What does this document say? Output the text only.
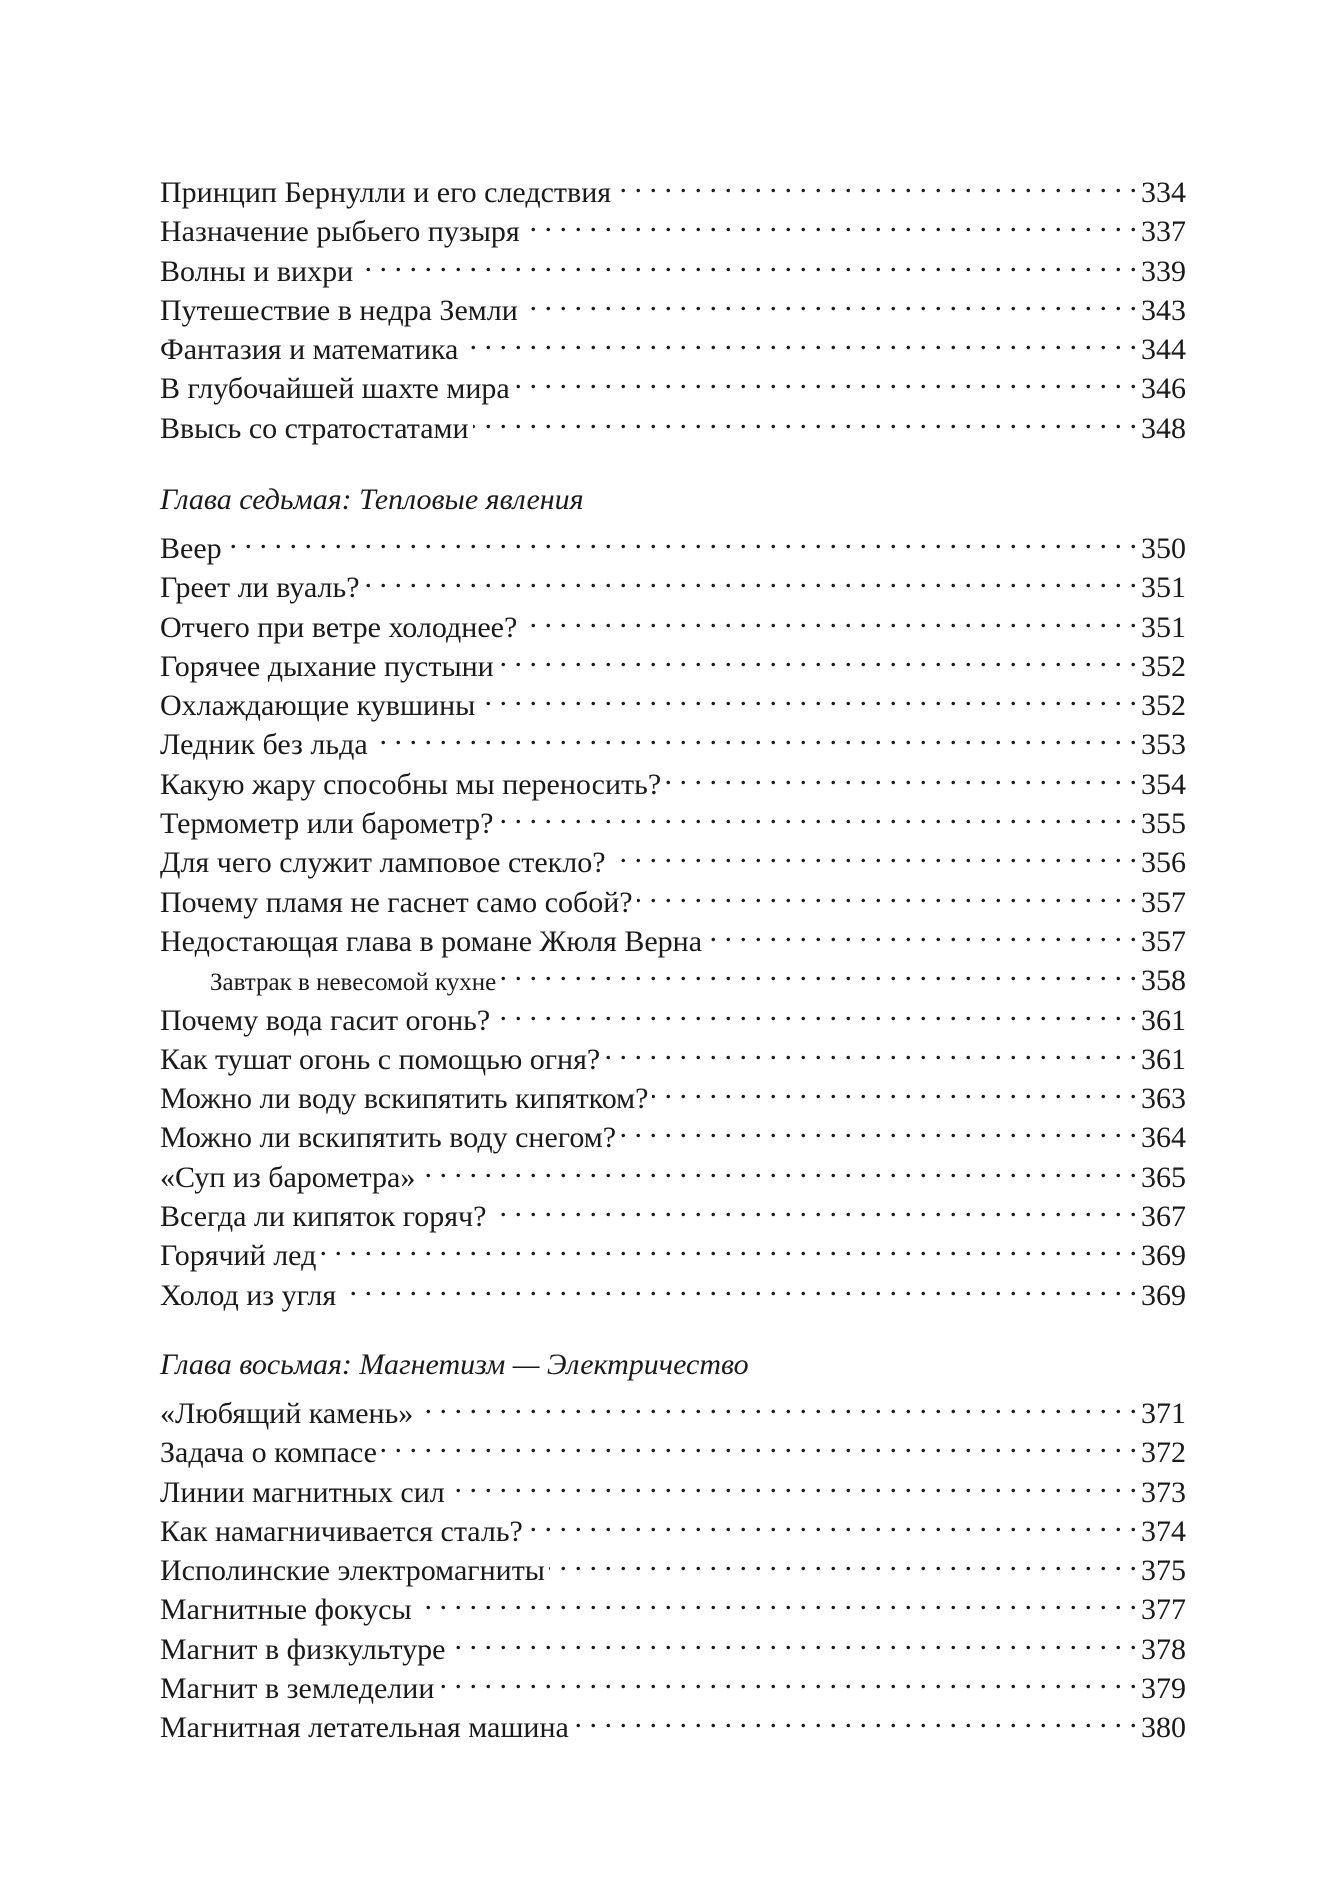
Принцип Бернулли и его следствия . . .	334
Назначение рыбьего пузыря . . .	337
Волны и вихри . . .	339
Путешествие в недра Земли . . .	343
Фантазия и математика . . .	344
В глубочайшей шахте мира . . .	346
Ввысь со стратостатами . . .	348
Глава седьмая: Тепловые явления
Веер . . .	350
Греет ли вуаль? . . .	351
Отчего при ветре холоднее? . . .	351
Горячее дыхание пустыни . . .	352
Охлаждающие кувшины . . .	352
Ледник без льда . . .	353
Какую жару способны мы переносить? . . .	354
Термометр или барометр? . . .	355
Для чего служит ламповое стекло? . . .	356
Почему пламя не гаснет само собой? . . .	357
Недостающая глава в романе Жюля Верна . . .	357
Завтрак в невесомой кухне . . .	358
Почему вода гасит огонь? . . .	361
Как тушат огонь с помощью огня? . . .	361
Можно ли воду вскипятить кипятком? . . .	363
Можно ли вскипятить воду снегом? . . .	364
«Суп из барометра» . . .	365
Всегда ли кипяток горяч? . . .	367
Горячий лед . . .	369
Холод из угля . . .	369
Глава восьмая: Магнетизм — Электричество
«Любящий камень» . . .	371
Задача о компасе . . .	372
Линии магнитных сил . . .	373
Как намагничивается сталь? . . .	374
Исполинские электромагниты . . .	375
Магнитные фокусы . . .	377
Магнит в физкультуре . . .	378
Магнит в земледелии . . .	379
Магнитная летательная машина . . .	380
